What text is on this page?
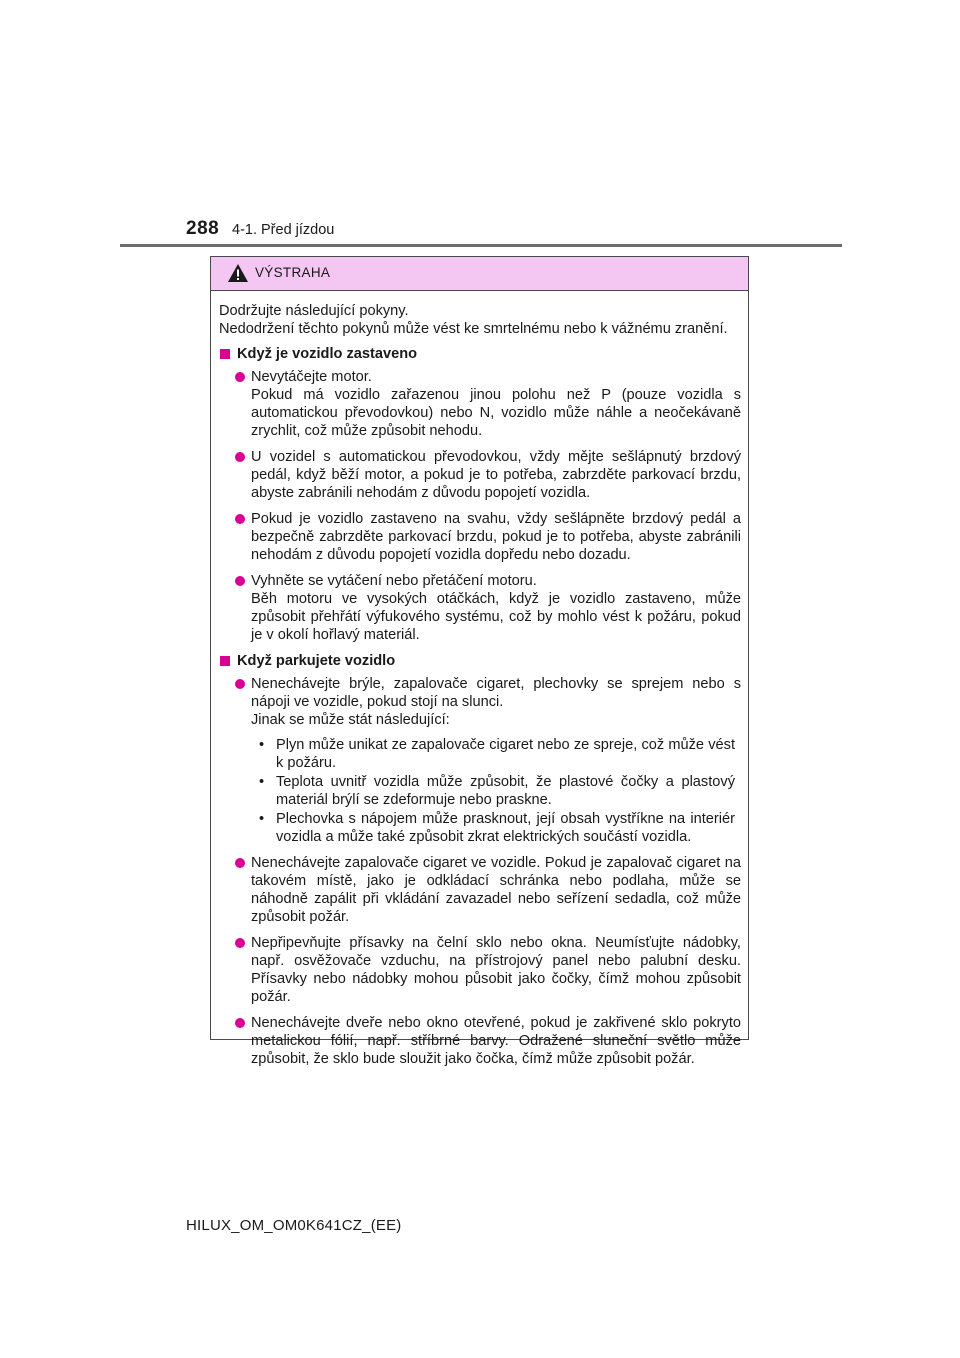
288 4-1. Před jízdou
VÝSTRAHA
Dodržujte následující pokyny.
Nedodržení těchto pokynů může vést ke smrtelnému nebo k vážnému zranění.
Když je vozidlo zastaveno
Nevytáčejte motor.
Pokud má vozidlo zařazenou jinou polohu než P (pouze vozidla s automatickou převodovkou) nebo N, vozidlo může náhle a neočekávaně zrychlit, což může způsobit nehodu.
U vozidel s automatickou převodovkou, vždy mějte sešlápnutý brzdový pedál, když běží motor, a pokud je to potřeba, zabrzděte parkovací brzdu, abyste zabránili nehodám z důvodu popojetí vozidla.
Pokud je vozidlo zastaveno na svahu, vždy sešlápněte brzdový pedál a bezpečně zabrzděte parkovací brzdu, pokud je to potřeba, abyste zabránili nehodám z důvodu popojetí vozidla dopředu nebo dozadu.
Vyhněte se vytáčení nebo přetáčení motoru.
Běh motoru ve vysokých otáčkách, když je vozidlo zastaveno, může způsobit přehřátí výfukového systému, což by mohlo vést k požáru, pokud je v okolí hořlavý materiál.
Když parkujete vozidlo
Nenechávejte brýle, zapalovače cigaret, plechovky se sprejem nebo s nápoji ve vozidle, pokud stojí na slunci.
Jinak se může stát následující:
• Plyn může unikat ze zapalovače cigaret nebo ze spreje, což může vést k požáru.
• Teplota uvnitř vozidla může způsobit, že plastové čočky a plastový materiál brýlí se zdeformuje nebo praskne.
• Plechovka s nápojem může prasknout, její obsah vystříkne na interiér vozidla a může také způsobit zkrat elektrických součástí vozidla.
Nenechávejte zapalovače cigaret ve vozidle. Pokud je zapalovač cigaret na takovém místě, jako je odkládací schránka nebo podlaha, může se náhodně zapálit při vkládání zavazadel nebo seřízení sedadla, což může způsobit požár.
Nepřipevňujte přísavky na čelní sklo nebo okna. Neumísťujte nádobky, např. osvěžovače vzduchu, na přístrojový panel nebo palubní desku. Přísavky nebo nádobky mohou působit jako čočky, čímž mohou způsobit požár.
Nenechávejte dveře nebo okno otevřené, pokud je zakřivené sklo pokryto metalickou fólií, např. stříbrné barvy. Odražené sluneční světlo může způsobit, že sklo bude sloužit jako čočka, čímž může způsobit požár.
HILUX_OM_OM0K641CZ_(EE)
